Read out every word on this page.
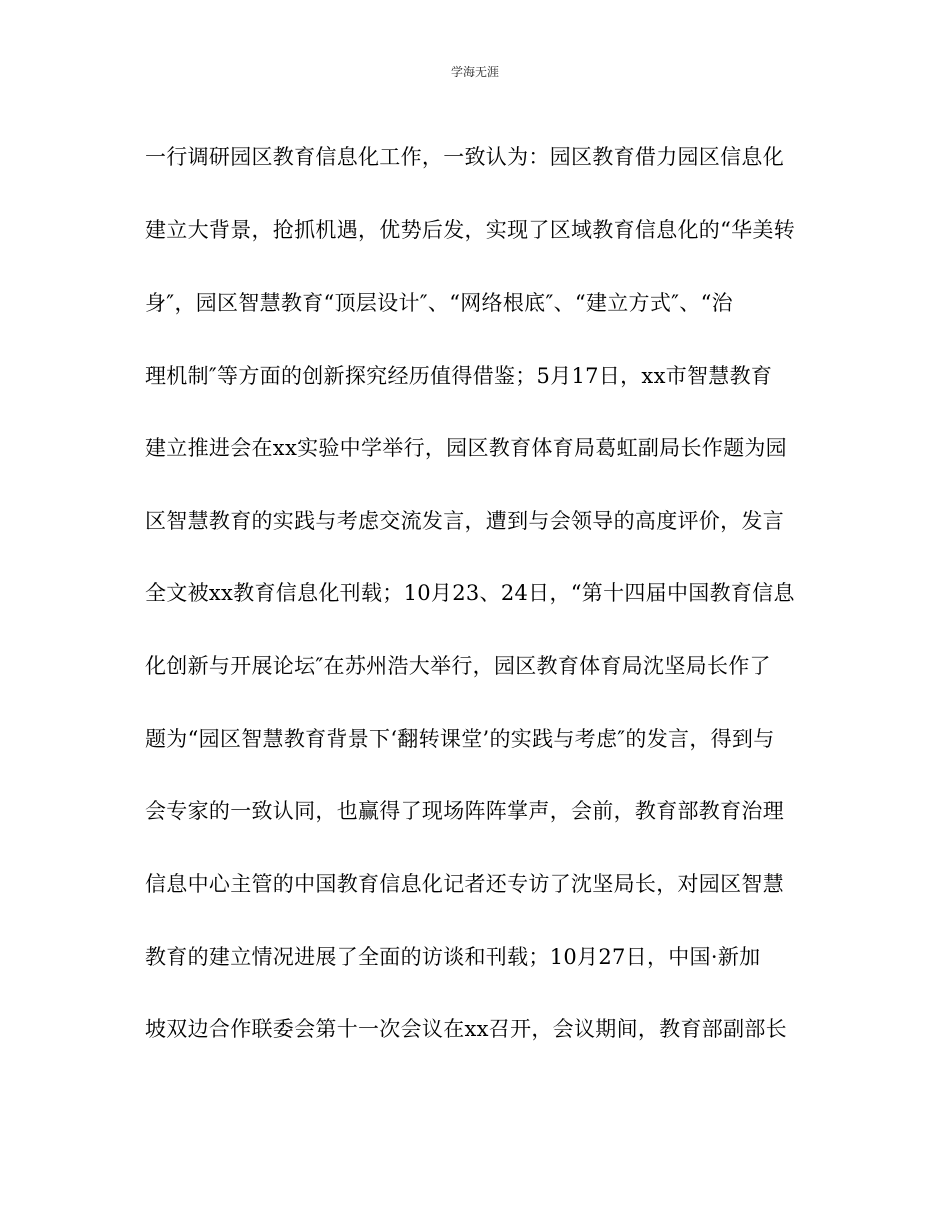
学海无涯
一行调研园区教育信息化工作，一致认为：园区教育借力园区信息化
建立大背景，抢抓机遇，优势后发，实现了区域教育信息化的“华美转
身″，园区智慧教育“顶层设计″、“网络根底″、“建立方式″、“治
理机制″等方面的创新探究经历值得借鉴；5月17日，xx市智慧教育
建立推进会在xx实验中学举行，园区教育体育局葛虹副局长作题为园
区智慧教育的实践与考虑交流发言，遭到与会领导的高度评价，发言
全文被xx教育信息化刊载；10月23、24日，“第十四届中国教育信息
化创新与开展论坛″在苏州浩大举行，园区教育体育局沈坚局长作了
题为“园区智慧教育背景下‘翻转课堂’的实践与考虑″的发言，得到与
会专家的一致认同，也赢得了现场阵阵掌声，会前，教育部教育治理
信息中心主管的中国教育信息化记者还专访了沈坚局长，对园区智慧
教育的建立情况进展了全面的访谈和刊载；10月27日，中国·新加
坡双边合作联委会第十一次会议在xx召开，会议期间，教育部副部长
